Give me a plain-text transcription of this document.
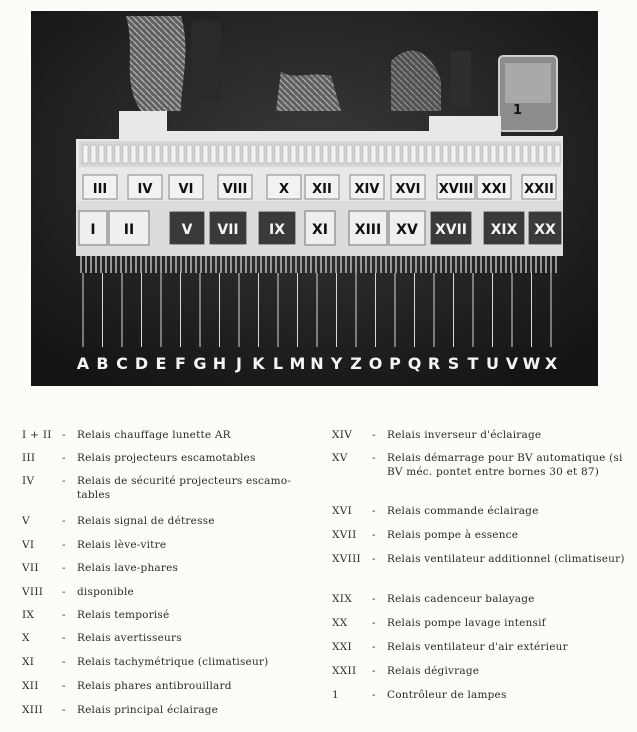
1
III IV VI VIII X XII XIV XVI XVIII XXI XXII
I II	V VII IX XI XIII XV XVII XIX XX
A B C D E F G H J K L M N Y Z O P Q R S T U V W X
I + II - Relais chauffage lunette AR
III	- Relais projecteurs escamotables
IV	- Relais de sécurité projecteurs escamo-tables
V	- Relais signal de détresse
VI	- Relais lève-vitre
VII - Relais lave-phares
VIII - disponible
IX	- Relais temporisé
X	- Relais avertisseurs
XI	- Relais tachymétrique (climatiseur)
XII - Relais phares antibrouillard
XIII - Relais principal éclairage
XIV - Relais inverseur d'éclairage
XV - Relais démarrage pour BV automatique (si BV méc. pontet entre bornes 30 et 87)
XVI - Relais commande éclairage
XVII - Relais pompe à essence
XVIII - Relais ventilateur additionnel (climatiseur)
XIX - Relais cadenceur balayage
XX - Relais pompe lavage intensif
XXI - Relais ventilateur d'air extérieur
XXII - Relais dégivrage
1	- Contrôleur de lampes
